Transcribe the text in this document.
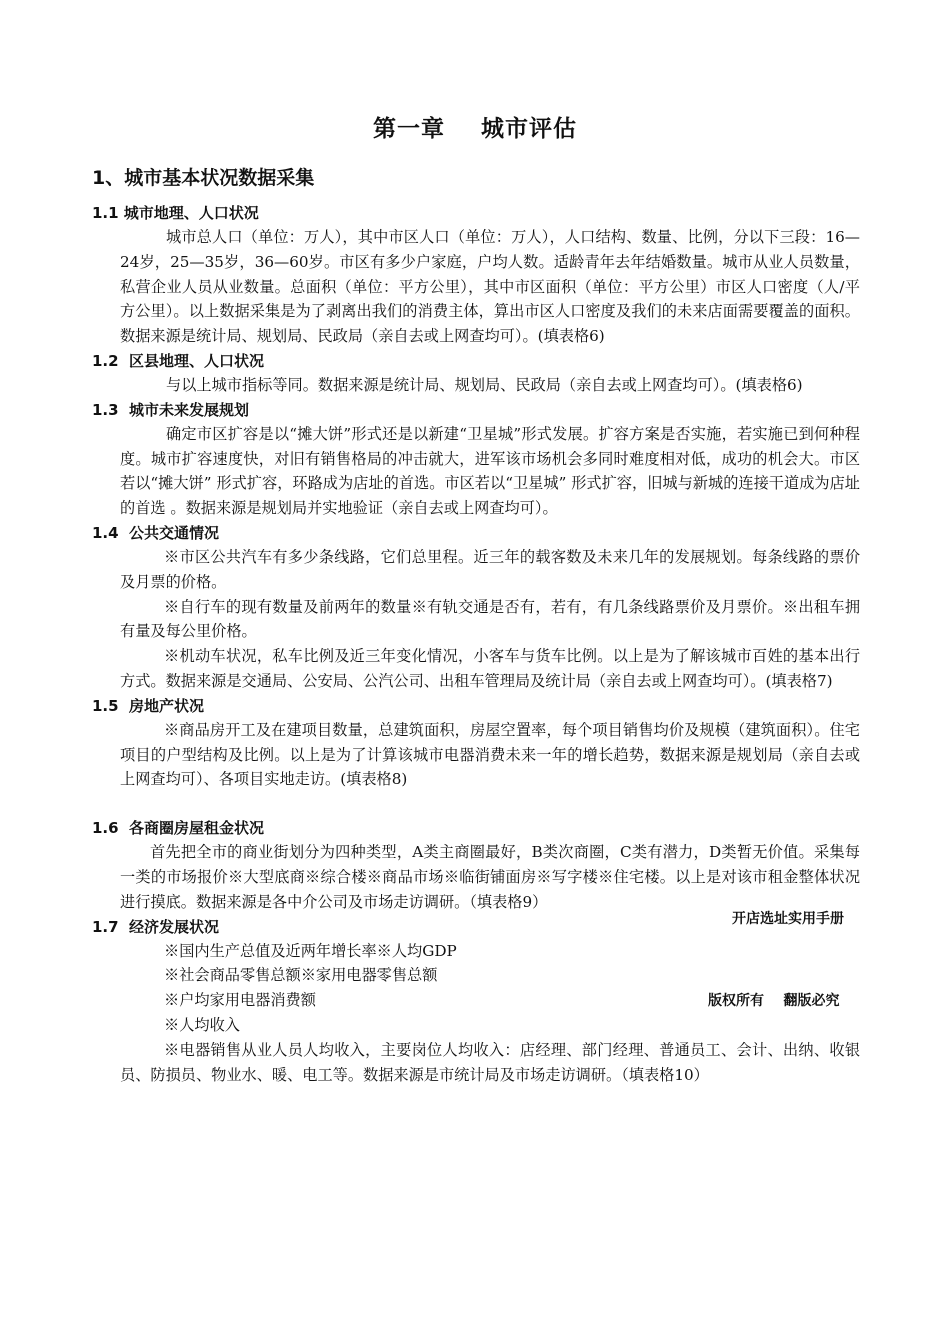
第一章    城市评估
1、城市基本状况数据采集
1.1 城市地理、人口状况

城市总人口（单位：万人），其中市区人口（单位：万人），人口结构、数量、比例，分以下三段：16—24岁，25—35岁，36—60岁。市区有多少户家庭，户均人数。适龄青年去年结婚数量。城市从业人员数量，私营企业人员从业数量。总面积（单位：平方公里），其中市区面积（单位：平方公里）市区人口密度（人/平方公里）。以上数据采集是为了剥离出我们的消费主体，算出市区人口密度及我们的未来店面需要覆盖的面积。数据来源是统计局、规划局、民政局（亲自去或上网查均可）。(填表格6)

1.2  区县地理、人口状况

与以上城市指标等同。数据来源是统计局、规划局、民政局（亲自去或上网查均可）。(填表格6)

1.3  城市未来发展规划

确定市区扩容是以“摊大饼”形式还是以新建“卫星城”形式发展。扩容方案是否实施，若实施已到何种程度。城市扩容速度快，对旧有销售格局的冲击就大，进军该市场机会多同时难度相对低，成功的机会大。市区若以“摊大饼” 形式扩容，环路成为店址的首选。市区若以“卫星城” 形式扩容，旧城与新城的连接干道成为店址的首选 。数据来源是规划局并实地验证（亲自去或上网查均可）。

1.4  公共交通情况

※市区公共汽车有多少条线路，它们总里程。近三年的载客数及未来几年的发展规划。每条线路的票价及月票的价格。

※自行车的现有数量及前两年的数量※有轨交通是否有，若有，有几条线路票价及月票价。※出租车拥有量及每公里价格。

※机动车状况，私车比例及近三年变化情况，小客车与货车比例。以上是为了解该城市百姓的基本出行方式。数据来源是交通局、公安局、公汽公司、出租车管理局及统计局（亲自去或上网查均可）。(填表格7)

1.5  房地产状况

※商品房开工及在建项目数量，总建筑面积，房屋空置率，每个项目销售均价及规模（建筑面积）。住宅项目的户型结构及比例。以上是为了计算该城市电器消费未来一年的增长趋势，数据来源是规划局（亲自去或上网查均可）、各项目实地走访。(填表格8)

1.6  各商圈房屋租金状况

首先把全市的商业街划分为四种类型，A类主商圈最好，B类次商圈，C类有潜力，D类暂无价值。采集每一类的市场报价※大型底商※综合楼※商品市场※临街铺面房※写字楼※住宅楼。以上是对该市租金整体状况进行摸底。数据来源是各中介公司及市场走访调研。（填表格9）

1.7  经济发展状况

※国内生产总值及近两年增长率※人均GDP

※社会商品零售总额※家用电器零售总额

※户均家用电器消费额

※人均收入

※电器销售从业人员人均收入，主要岗位人均收入：店经理、部门经理、普通员工、会计、出纳、收银员、防损员、物业水、暖、电工等。数据来源是市统计局及市场走访调研。（填表格10）

开店选址实用手册
版权所有    翻版必究
